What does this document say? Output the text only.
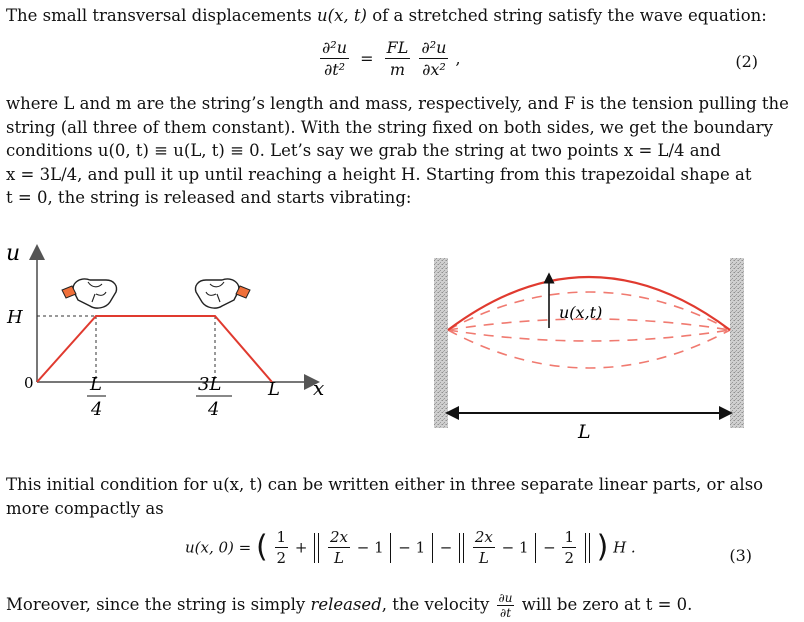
The small transversal displacements u(x, t) of a stretched string satisfy the wave equation:

$\frac{\text{∂²u}}{\text{∂t²}} = \frac{FL}{m}$
$\frac{\text{∂²u}}{\text{∂x²}}$ ,	(2)
where L and m are the string’s length and mass, respectively, and F is the tension pulling the
string (all three of them constant). With the string fixed on both sides, we get the boundary
conditions u(0, t) ≡ u(L, t) ≡ 0. Let’s say we grab the string at two points x = L/4 and
x = 3L/4, and pull it up until reaching a height H. Starting from this trapezoidal shape at
t = 0, the string is released and starts vibrating:
u
H
0	L
4
3L
4
L x
u(x,t)
L
This initial condition for u(x, t) can be written either in three separate linear parts, or also
more compactly as
u(x, 0) = ( $\frac{1}{2} + \frac{2x}{L} - 1 - 1 - \frac{2x}{L} - 1 - \frac{1}{2}$ ) H .	(3)

Moreover, since the string is simply released, the velocity $\frac{\partial u}{\partial t}$ will be zero at t = 0.
